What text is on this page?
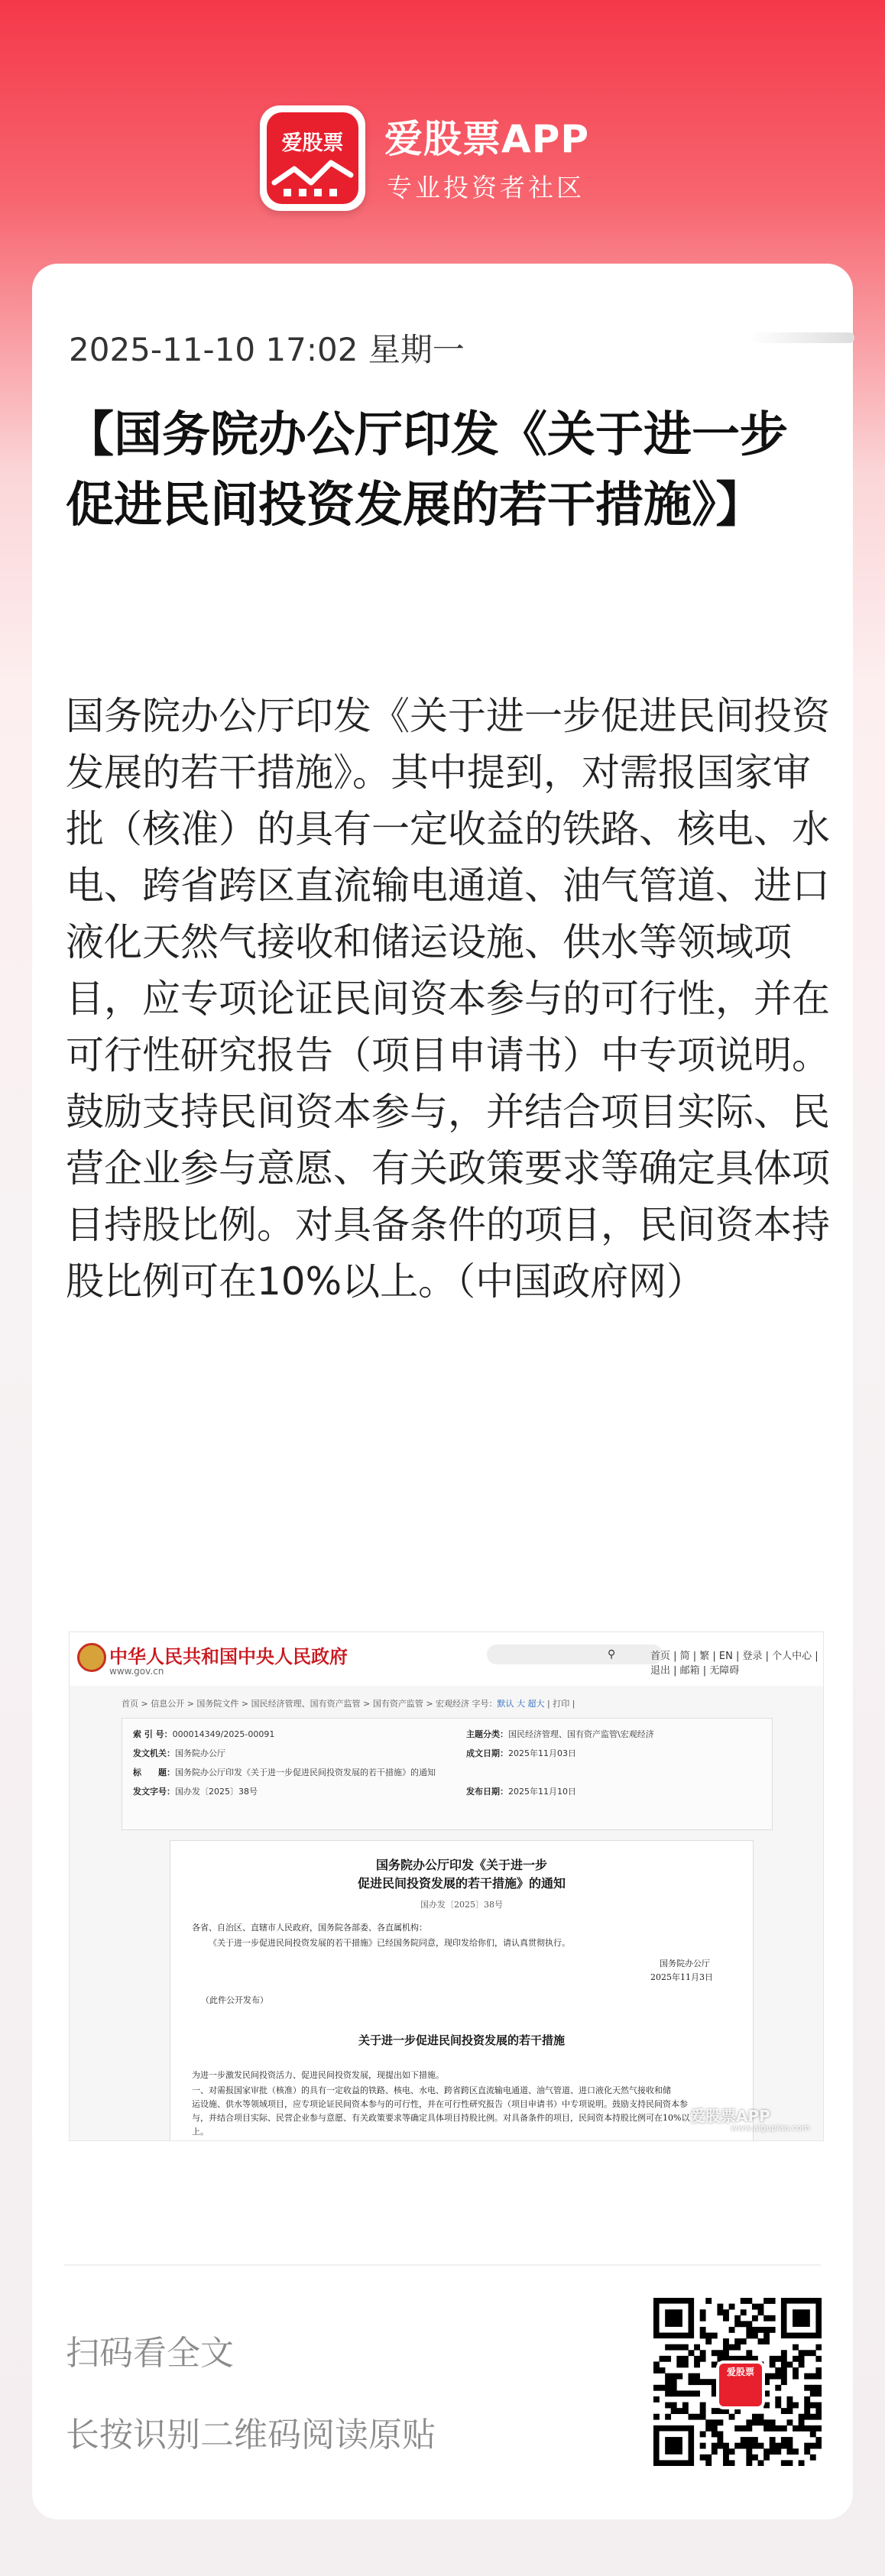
爱股票	爱股票APP
专业投资者社区
2025-11-10 17:02 星期一
【国务院办公厅印发《关于进一步促进民间投资发展的若干措施》】
国务院办公厅印发《关于进一步促进民间投资发展的若干措施》。其中提到，对需报国家审批（核准）的具有一定收益的铁路、核电、水电、跨省跨区直流输电通道、油气管道、进口液化天然气接收和储运设施、供水等领域项目，应专项论证民间资本参与的可行性，并在可行性研究报告（项目申请书）中专项说明。鼓励支持民间资本参与，并结合项目实际、民营企业参与意愿、有关政策要求等确定具体项目持股比例。对具备条件的项目，民间资本持股比例可在10%以上。（中国政府网）
中华人民共和国中央人民政府
www.gov.cn
⚲	首页 | 简 | 繁 | EN | 登录 | 个人中心 | 退出 | 邮箱 | 无障碍
首页 > 信息公开 > 国务院文件 > 国民经济管理、国有资产监管 > 国有资产监管 > 宏观经济 字号：默认 大 超大 | 打印 |
索 引 号：000014349/2025-00091	主题分类：国民经济管理、国有资产监管\宏观经济
发文机关：国务院办公厅	成文日期：2025年11月03日
标　　题：国务院办公厅印发《关于进一步促进民间投资发展的若干措施》的通知
发文字号：国办发〔2025〕38号	发布日期：2025年11月10日
国务院办公厅印发《关于进一步
促进民间投资发展的若干措施》的通知
国办发〔2025〕38号
各省、自治区、直辖市人民政府，国务院各部委、各直属机构：
《关于进一步促进民间投资发展的若干措施》已经国务院同意，现印发给你们，请认真贯彻执行。
国务院办公厅
2025年11月3日
（此件公开发布）
关于进一步促进民间投资发展的若干措施
为进一步激发民间投资活力、促进民间投资发展，现提出如下措施。
一、对需报国家审批（核准）的具有一定收益的铁路、核电、水电、跨省跨区直流输电通道、油气管道、进口液化天然气接收和储
运设施、供水等领域项目，应专项论证民间资本参与的可行性，并在可行性研究报告（项目申请书）中专项说明。鼓励支持民间资本参
与，并结合项目实际、民营企业参与意愿、有关政策要求等确定具体项目持股比例。对具备条件的项目，民间资本持股比例可在10%以
上。
爱股票APP
www.aigupiao.com
扫码看全文
长按识别二维码阅读原贴
爱股票
